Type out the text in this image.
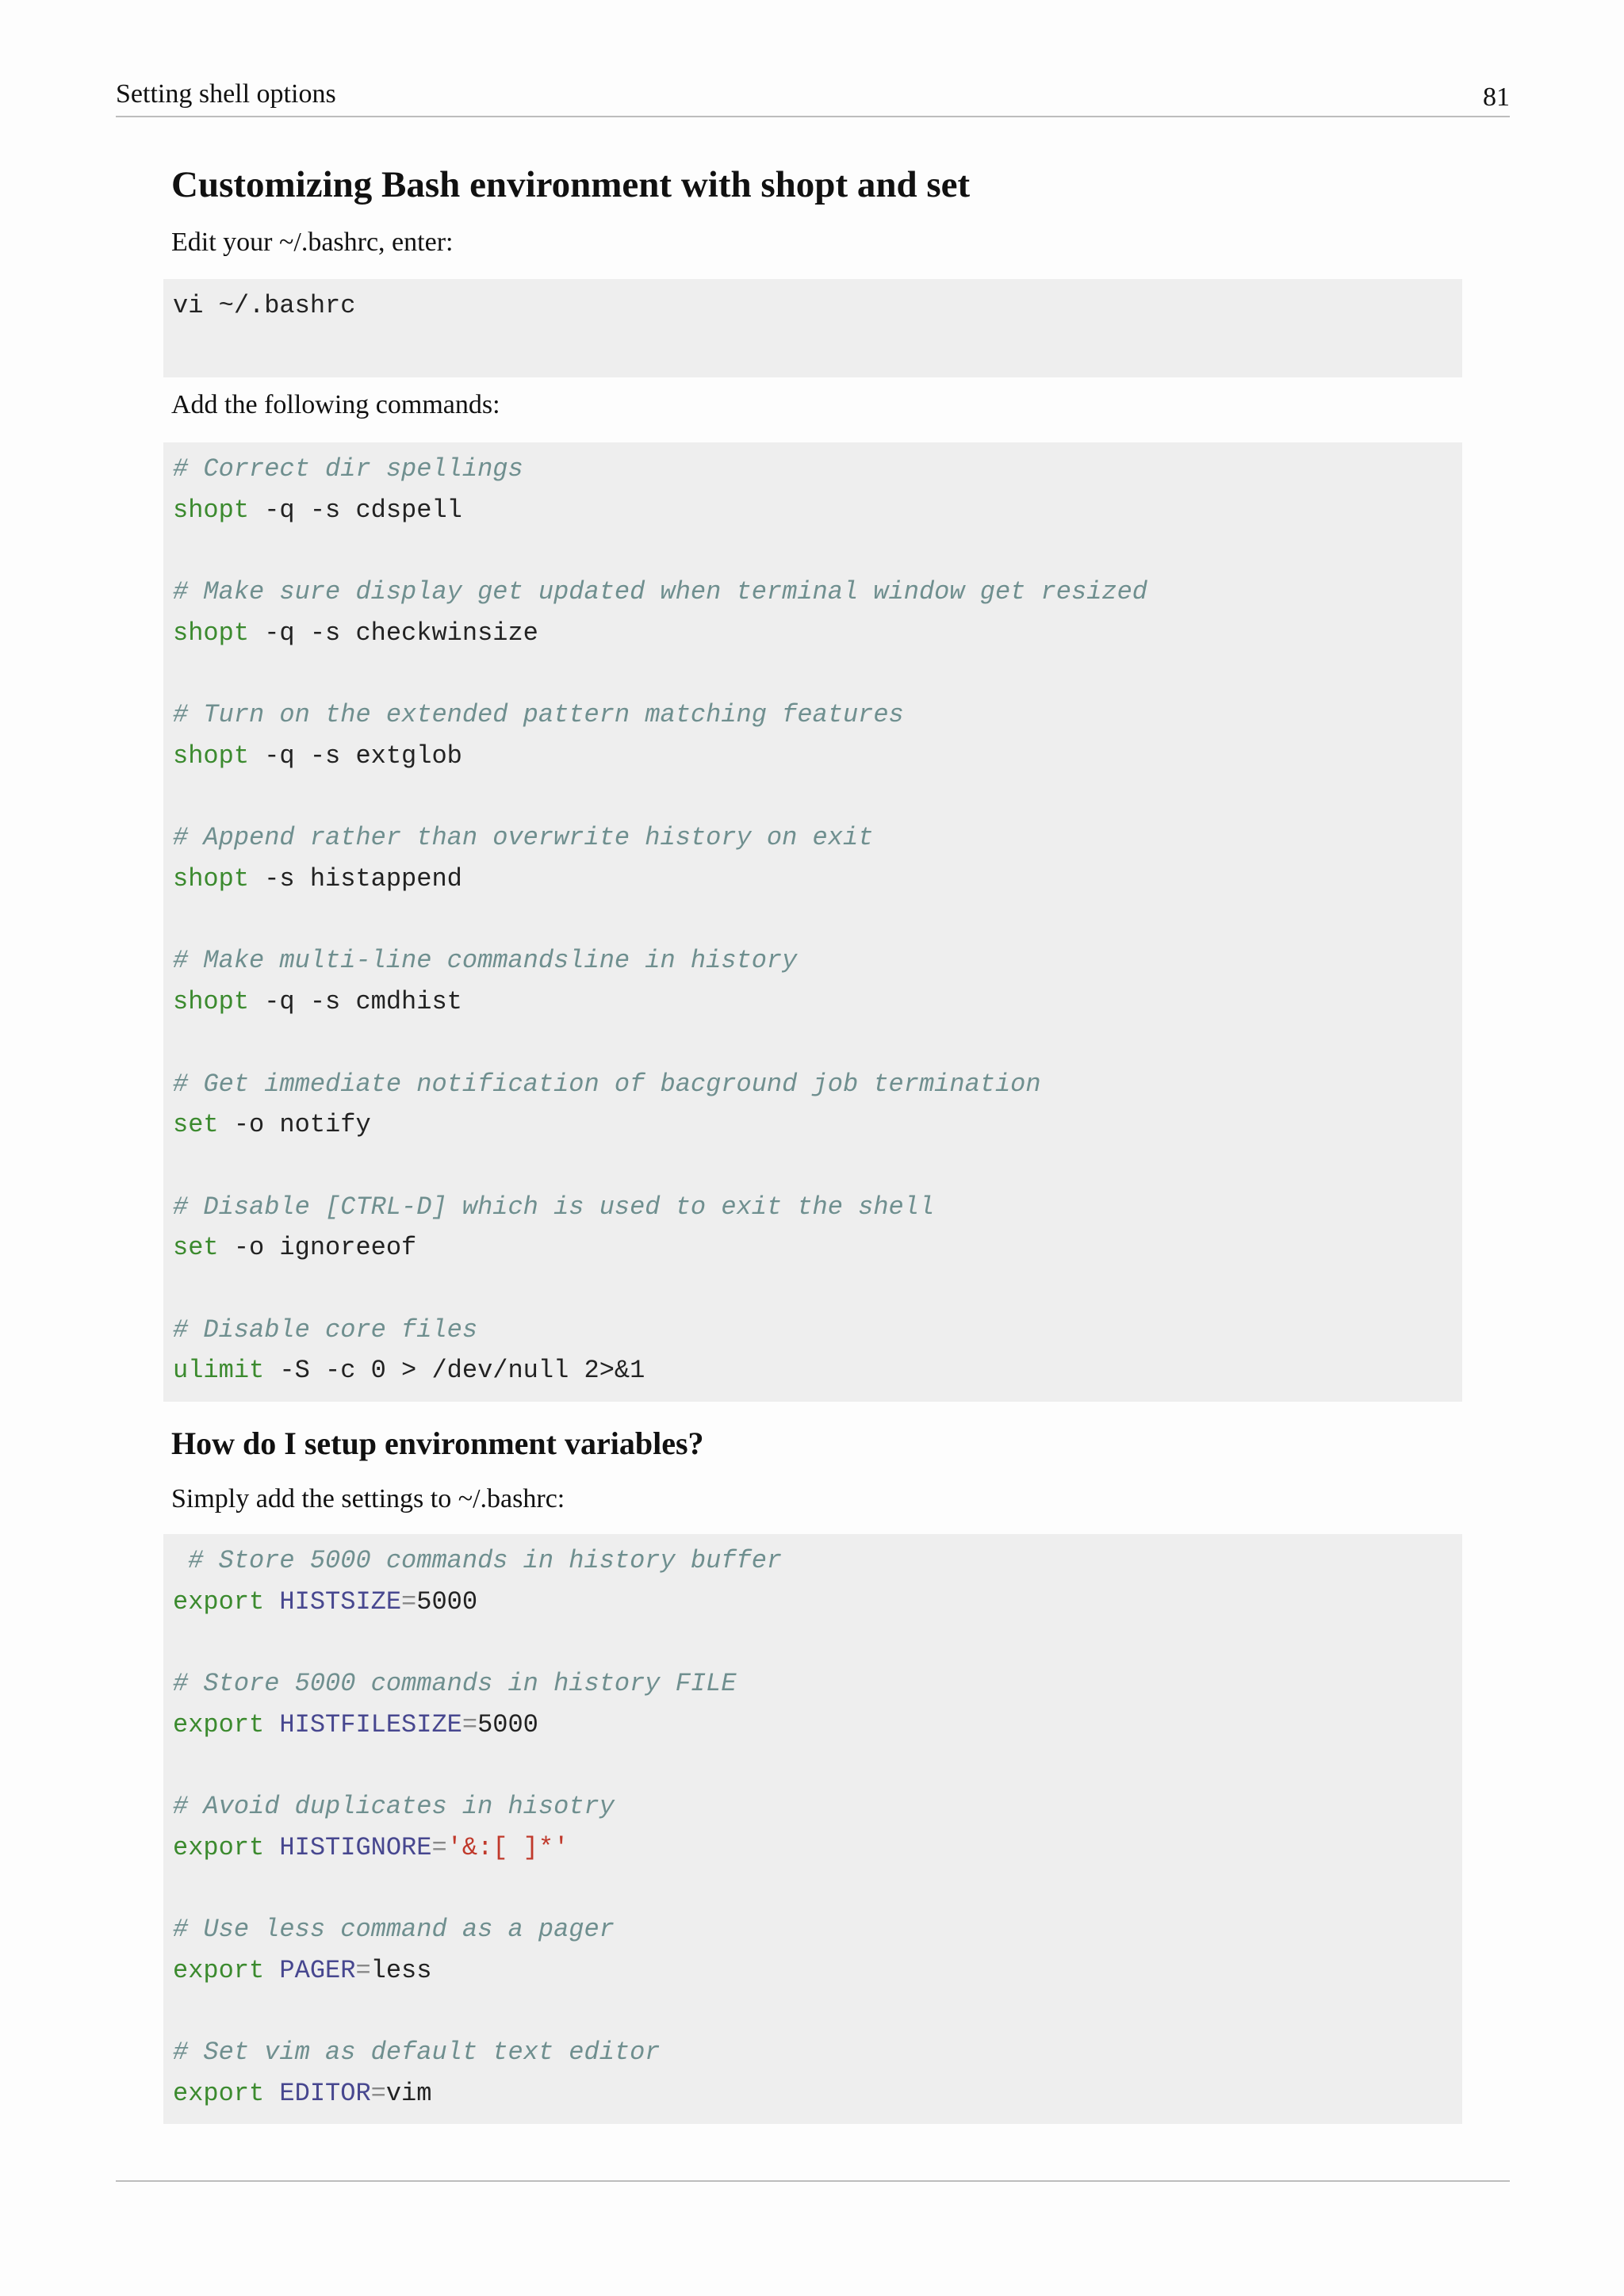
Setting shell options	81
Customizing Bash environment with shopt and set

Edit your ~/.bashrc, enter:

Add the following commands:

How do I setup environment variables?

Simply add the settings to ~/.bashrc:

vi ~/.bashrc
# Correct dir spellings
shopt -q -s cdspell

# Make sure display get updated when terminal window get resized
shopt -q -s checkwinsize

# Turn on the extended pattern matching features
shopt -q -s extglob

# Append rather than overwrite history on exit
shopt -s histappend

# Make multi-line commandsline in history
shopt -q -s cmdhist

# Get immediate notification of bacground job termination
set -o notify

# Disable [CTRL-D] which is used to exit the shell
set -o ignoreeof

# Disable core files
ulimit -S -c 0 > /dev/null 2>&1
# Store 5000 commands in history buffer
export HISTSIZE=5000

# Store 5000 commands in history FILE
export HISTFILESIZE=5000

# Avoid duplicates in hisotry
export HISTIGNORE='&:[ ]*'

# Use less command as a pager
export PAGER=less

# Set vim as default text editor
export EDITOR=vim
